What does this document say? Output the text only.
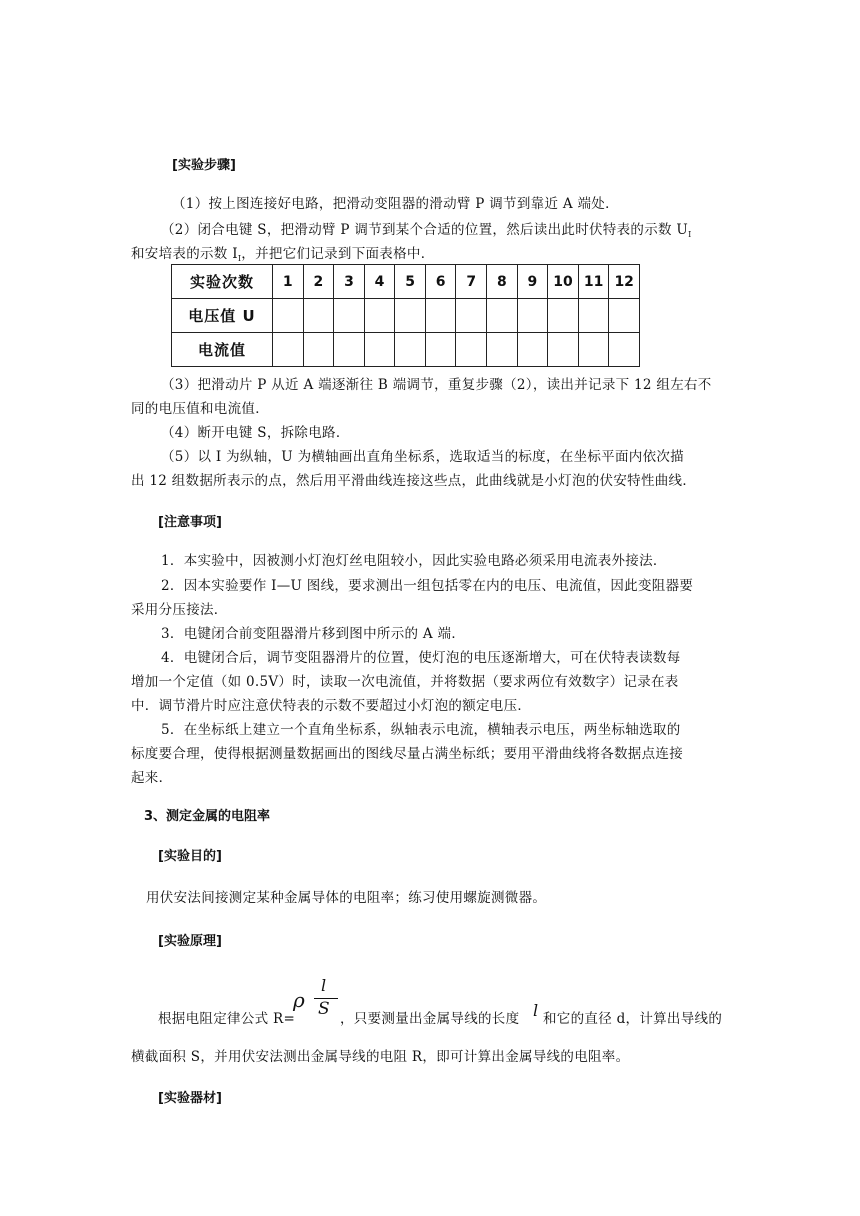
[实验步骤]
（1）按上图连接好电路，把滑动变阻器的滑动臂 P 调节到靠近 A 端处．
（2）闭合电键 S，把滑动臂 P 调节到某个合适的位置，然后读出此时伏特表的示数 $U_I$
和安培表的示数 $I_I$，并把它们记录到下面表格中．
实验次数	1	2	3	4	5	6	7	8	9	10	11	12
电压值 U												
电流值												
（3）把滑动片 P 从近 A 端逐渐往 B 端调节，重复步骤（2），读出并记录下 12 组左右不
同的电压值和电流值．
（4）断开电键 S，拆除电路．
（5）以 I 为纵轴，U 为横轴画出直角坐标系，选取适当的标度，在坐标平面内依次描
出 12 组数据所表示的点，然后用平滑曲线连接这些点，此曲线就是小灯泡的伏安特性曲线．
[注意事项]
1．本实验中，因被测小灯泡灯丝电阻较小，因此实验电路必须采用电流表外接法．
2．因本实验要作 I—U 图线，要求测出一组包括零在内的电压、电流值，因此变阻器要
采用分压接法．
3．电键闭合前变阻器滑片移到图中所示的 A 端．
4．电键闭合后，调节变阻器滑片的位置，使灯泡的电压逐渐增大，可在伏特表读数每
增加一个定值（如 0.5V）时，读取一次电流值，并将数据（要求两位有效数字）记录在表
中．调节滑片时应注意伏特表的示数不要超过小灯泡的额定电压．
5．在坐标纸上建立一个直角坐标系，纵轴表示电流，横轴表示电压，两坐标轴选取的
标度要合理，使得根据测量数据画出的图线尽量占满坐标纸；要用平滑曲线将各数据点连接
起来．
3、测定金属的电阻率
[实验目的]
用伏安法间接测定某种金属导体的电阻率；练习使用螺旋测微器。
[实验原理]
根据电阻定律公式 R=
ρ
l
S ，只要测量出金属导线的长度 l 和它的直径 d，计算出导线的
横截面积 S，并用伏安法测出金属导线的电阻 R，即可计算出金属导线的电阻率。
[实验器材]
